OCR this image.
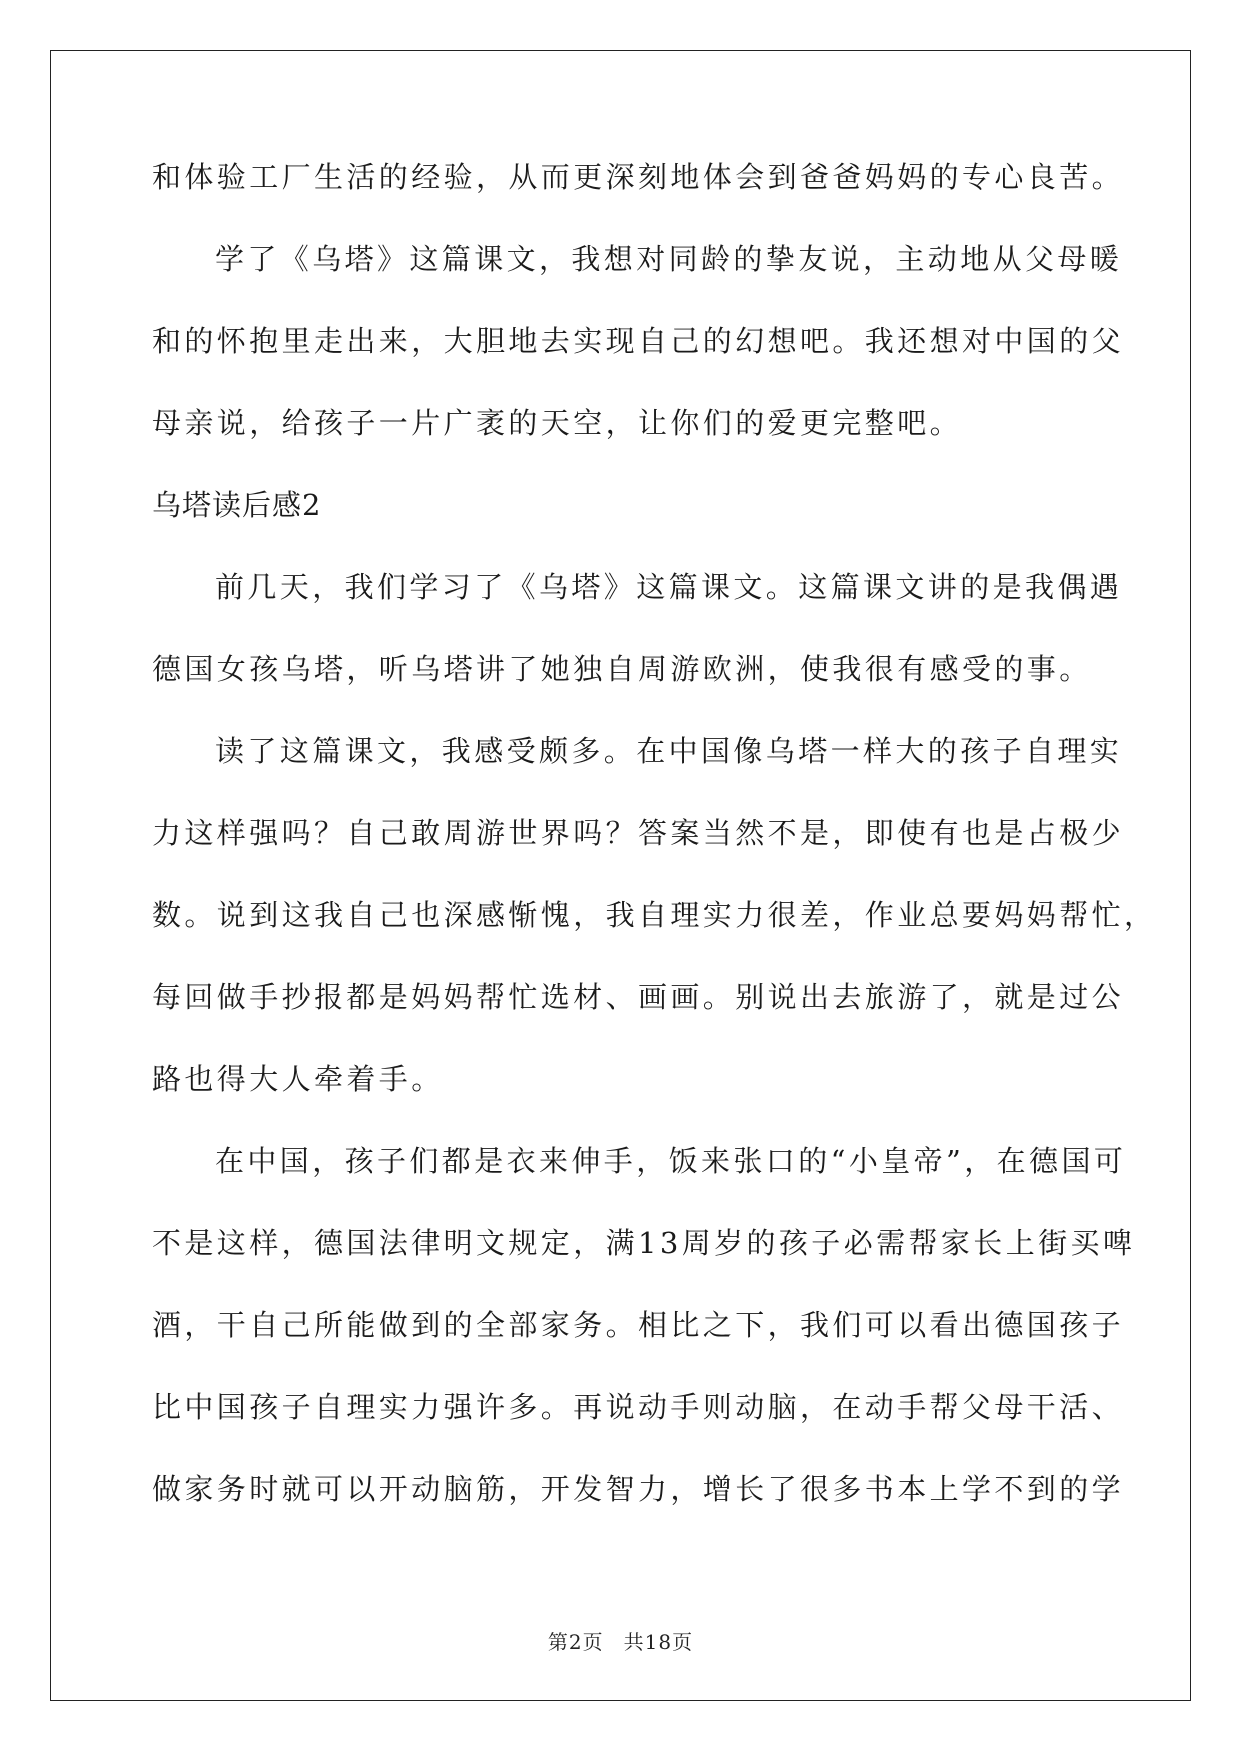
和体验工厂生活的经验，从而更深刻地体会到爸爸妈妈的专心良苦。
学了《乌塔》这篇课文，我想对同龄的挚友说，主动地从父母暖
和的怀抱里走出来，大胆地去实现自己的幻想吧。我还想对中国的父
母亲说，给孩子一片广袤的天空，让你们的爱更完整吧。
乌塔读后感2
前几天，我们学习了《乌塔》这篇课文。这篇课文讲的是我偶遇
德国女孩乌塔，听乌塔讲了她独自周游欧洲，使我很有感受的事。
读了这篇课文，我感受颇多。在中国像乌塔一样大的孩子自理实
力这样强吗？自己敢周游世界吗？答案当然不是，即使有也是占极少
数。说到这我自己也深感惭愧，我自理实力很差，作业总要妈妈帮忙，
每回做手抄报都是妈妈帮忙选材、画画。别说出去旅游了，就是过公
路也得大人牵着手。
在中国，孩子们都是衣来伸手，饭来张口的“小皇帝”，在德国可
不是这样，德国法律明文规定，满13周岁的孩子必需帮家长上街买啤
酒，干自己所能做到的全部家务。相比之下，我们可以看出德国孩子
比中国孩子自理实力强许多。再说动手则动脑，在动手帮父母干活、
做家务时就可以开动脑筋，开发智力，增长了很多书本上学不到的学
第2页 共18页
